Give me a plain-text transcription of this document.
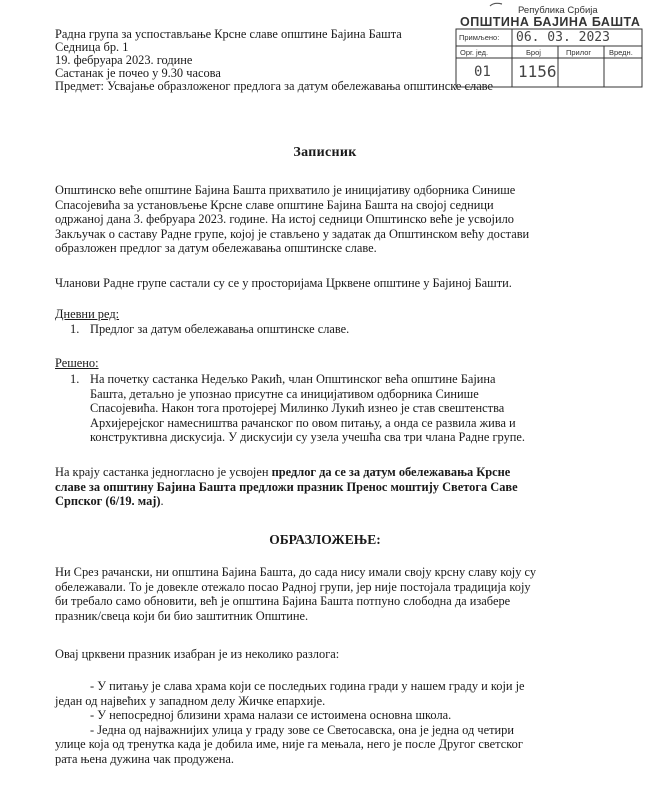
Радна група за успостављање Крсне славе општине Бајина Башта
Седница бр. 1
19. фебруара 2023. године
Састанак је почео у 9.30 часова
Предмет: Усвајање образложеног предлога за датум обележавања општинске славе
Република Србија
ОПШТИНА БАЈИНА БАШТА
Примљено: 06. 03. 2023
Орг. јед.	Број	Прилог Вредн.
01 1156
Записник
Општинско веће општине Бајина Башта прихватило је иницијативу одборника Синише
Спасојевића за установљење Крсне славе општине Бајина Башта на својој седници
одржаној дана 3. фебруара 2023. године. На истој седници Општинско веће је усвојило
Закључак о саставу Радне групе, којој је стављено у задатак да Општинском већу достави
образложен предлог за датум обележавања општинске славе.
Чланови Радне групе састали су се у просторијама Црквене општине у Бајиној Башти.
Дневни ред:
1. Предлог за датум обележавања општинске славе.
Решено:
1. На почетку састанка Недељко Ракић, члан Општинског већа општине Бајина
Башта, детаљно је упознао присутне са иницијативом одборника Синише
Спасојевића. Након тога протојереј Милинко Лукић изнео је став свештенства
Архијерејског намесништва рачанског по овом питању, а онда се развила жива и
конструктивна дискусија. У дискусији су узела учешћа сва три члана Радне групе.
На крају састанка једногласно је усвојен предлог да се за датум обележавања Крсне
славе за општину Бајина Башта предложи празник Пренос моштију Светога Саве
Српског (6/19. мај).
ОБРАЗЛОЖЕЊЕ:
Ни Срез рачански, ни општина Бајина Башта, до сада нису имали своју крсну славу коју су
обележавали. То је довекле отежало посао Радној групи, јер није постојала традиција коју
би требало само обновити, већ је општина Бајина Башта потпуно слободна да изабере
празник/свеца који би био заштитник Општине.
Овај црквени празник изабран је из неколико разлога:
- У питању је слава храма који се последњих година гради у нашем граду и који је
један од највећих у западном делу Жичке епархије.
- У непосредној близини храма налази се истоимена основна школа.
- Једна од најважнијих улица у граду зове се Светосавска, она је једна од четири
улице која од тренутка када је добила име, није га мењала, него је после Другог светског
рата њена дужина чак продужена.
